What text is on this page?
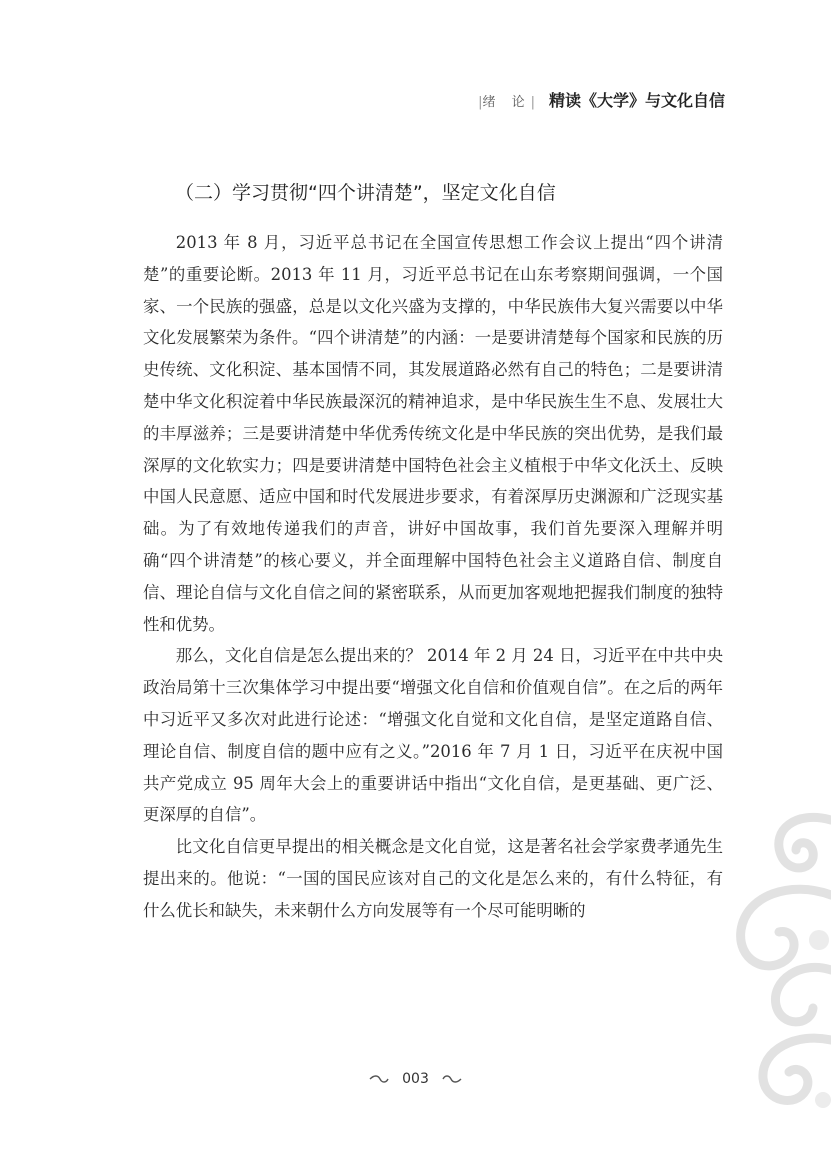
|绪 论| 精读《大学》与文化自信
（二）学习贯彻“四个讲清楚”，坚定文化自信

2013 年 8 月，习近平总书记在全国宣传思想工作会议上提出“四个讲清楚”的重要论断。2013 年 11 月，习近平总书记在山东考察期间强调，一个国家、一个民族的强盛，总是以文化兴盛为支撑的，中华民族伟大复兴需要以中华文化发展繁荣为条件。“四个讲清楚”的内涵：一是要讲清楚每个国家和民族的历史传统、文化积淀、基本国情不同，其发展道路必然有自己的特色；二是要讲清楚中华文化积淀着中华民族最深沉的精神追求，是中华民族生生不息、发展壮大的丰厚滋养；三是要讲清楚中华优秀传统文化是中华民族的突出优势，是我们最深厚的文化软实力；四是要讲清楚中国特色社会主义植根于中华文化沃土、反映中国人民意愿、适应中国和时代发展进步要求，有着深厚历史渊源和广泛现实基础。为了有效地传递我们的声音，讲好中国故事，我们首先要深入理解并明确“四个讲清楚”的核心要义，并全面理解中国特色社会主义道路自信、制度自信、理论自信与文化自信之间的紧密联系，从而更加客观地把握我们制度的独特性和优势。

那么，文化自信是怎么提出来的？ 2014 年 2 月 24 日，习近平在中共中央政治局第十三次集体学习中提出要“增强文化自信和价值观自信”。在之后的两年中习近平又多次对此进行论述：“增强文化自觉和文化自信，是坚定道路自信、理论自信、制度自信的题中应有之义。”2016 年 7 月 1 日，习近平在庆祝中国共产党成立 95 周年大会上的重要讲话中指出“文化自信，是更基础、更广泛、更深厚的自信”。

比文化自信更早提出的相关概念是文化自觉，这是著名社会学家费孝通先生提出来的。他说：“一国的国民应该对自己的文化是怎么来的，有什么特征，有什么优长和缺失，未来朝什么方向发展等有一个尽可能明晰的

003
